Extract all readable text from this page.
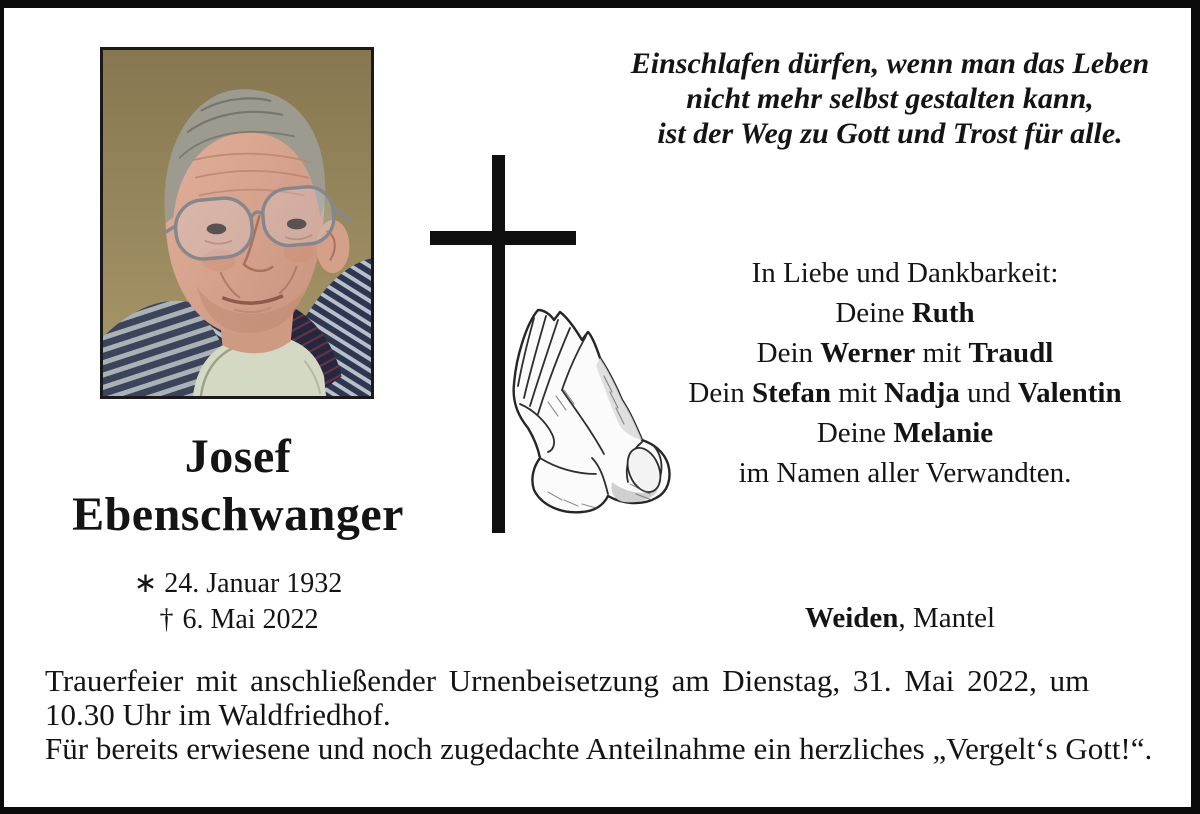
Einschlafen dürfen, wenn man das Leben
nicht mehr selbst gestalten kann,
ist der Weg zu Gott und Trost für alle.
In Liebe und Dankbarkeit:
Deine Ruth
Dein Werner mit Traudl
Dein Stefan mit Nadja und Valentin
Deine Melanie
im Namen aller Verwandten.
Josef
Ebenschwanger
∗ 24. Januar 1932
† 6. Mai 2022	Weiden, Mantel
Trauerfeier mit anschließender Urnenbeisetzung am Dienstag, 31. Mai 2022, um
10.30 Uhr im Waldfriedhof.
Für bereits erwiesene und noch zugedachte Anteilnahme ein herzliches „Vergelt‘s Gott!“.
